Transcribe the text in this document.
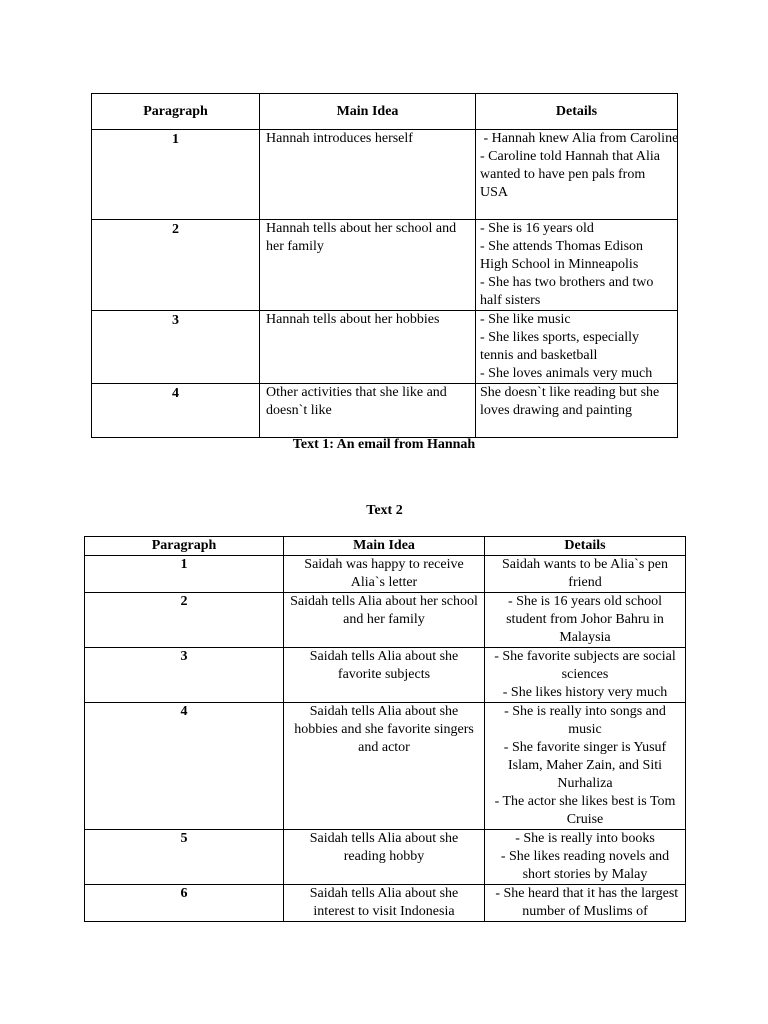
Paragraph	Main Idea	Details
1	Hannah introduces herself	- Hannah knew Alia from Caroline
- Caroline told Hannah that Alia wanted to have pen pals from USA

2	Hannah tells about her school and her family	- She is 16 years old
- She attends Thomas Edison High School in Minneapolis
- She has two brothers and two half sisters

3	Hannah tells about her hobbies	- She like music
- She likes sports, especially tennis and basketball
- She loves animals very much

4	Other activities that she like and doesn`t like	She doesn`t like reading but she loves drawing and painting
Text 1: An email from Hannah
Text 2
Paragraph	Main Idea	Details
1	Saidah was happy to receive Alia`s letter	Saidah wants to be Alia`s pen friend

2	Saidah tells Alia about her school and her family	- She is 16 years old school student from Johor Bahru in Malaysia

3	Saidah tells Alia about she favorite subjects	- She favorite subjects are social sciences
- She likes history very much

4	Saidah tells Alia about she hobbies and she favorite singers and actor	- She is really into songs and music
- She favorite singer is Yusuf Islam, Maher Zain, and Siti Nurhaliza
- The actor she likes best is Tom Cruise

5	Saidah tells Alia about she reading hobby	- She is really into books
- She likes reading novels and short stories by Malay

6	Saidah tells Alia about she interest to visit Indonesia	- She heard that it has the largest number of Muslims of
